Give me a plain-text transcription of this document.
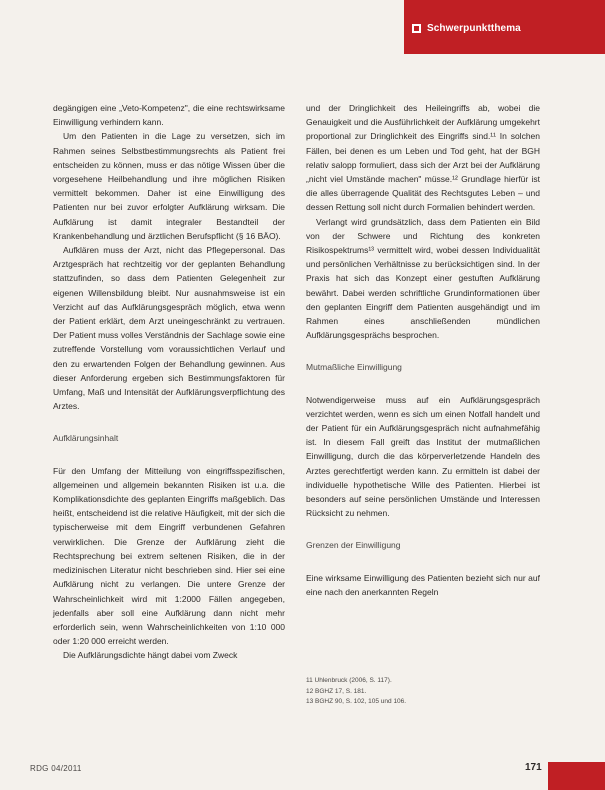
Schwerpunktthema

degängigen eine „Veto-Kompetenz", die eine rechtswirksame Einwilligung verhindern kann.

Um den Patienten in die Lage zu versetzen, sich im Rahmen seines Selbstbestimmungsrechts als Patient frei entscheiden zu können, muss er das nötige Wissen über die vorgesehene Heilbehandlung und ihre möglichen Risiken vermittelt bekommen. Daher ist eine Einwilligung des Patienten nur bei zuvor erfolgter Aufklärung wirksam. Die Aufklärung ist damit integraler Bestandteil der Krankenbehandlung und ärztlichen Berufspflicht (§ 16 BÄO).

Aufklären muss der Arzt, nicht das Pflegepersonal. Das Arztgespräch hat rechtzeitig vor der geplanten Behandlung stattzufinden, so dass dem Patienten Gelegenheit zur eigenen Willensbildung bleibt. Nur ausnahmsweise ist ein Verzicht auf das Aufklärungsgespräch möglich, etwa wenn der Patient erklärt, dem Arzt uneingeschränkt zu vertrauen. Der Patient muss volles Verständnis der Sachlage sowie eine zutreffende Vorstellung vom voraussichtlichen Verlauf und den zu erwartenden Folgen der Behandlung gewinnen. Aus dieser Anforderung ergeben sich Bestimmungsfaktoren für Umfang, Maß und Intensität der Aufklärungsverpflichtung des Arztes.

Aufklärungsinhalt

Für den Umfang der Mitteilung von eingriffsspezifischen, allgemeinen und allgemein bekannten Risiken ist u.a. die Komplikationsdichte des geplanten Eingriffs maßgeblich. Das heißt, entscheidend ist die relative Häufigkeit, mit der sich die typischerweise mit dem Eingriff verbundenen Gefahren verwirklichen. Die Grenze der Aufklärung zieht die Rechtsprechung bei extrem seltenen Risiken, die in der medizinischen Literatur nicht beschrieben sind. Hier sei eine Aufklärung nicht zu verlangen. Die untere Grenze der Wahrscheinlichkeit wird mit 1:2000 Fällen angegeben, jedenfalls aber soll eine Aufklärung dann nicht mehr erforderlich sein, wenn Wahrscheinlichkeiten von 1:10 000 oder 1:20 000 erreicht werden.

Die Aufklärungsdichte hängt dabei vom Zweck

und der Dringlichkeit des Heileingriffs ab, wobei die Genauigkeit und die Ausführlichkeit der Aufklärung umgekehrt proportional zur Dringlichkeit des Eingriffs sind.¹¹ In solchen Fällen, bei denen es um Leben und Tod geht, hat der BGH relativ salopp formuliert, dass sich der Arzt bei der Aufklärung „nicht viel Umstände machen" müsse.¹² Grundlage hierfür ist die alles überragende Qualität des Rechtsgutes Leben – und dessen Rettung soll nicht durch Formalien behindert werden.

Verlangt wird grundsätzlich, dass dem Patienten ein Bild von der Schwere und Richtung des konkreten Risikospektrums¹³ vermittelt wird, wobei dessen Individualität und persönlichen Verhältnisse zu berücksichtigen sind. In der Praxis hat sich das Konzept einer gestuften Aufklärung bewährt. Dabei werden schriftliche Grundinformationen über den geplanten Eingriff dem Patienten ausgehändigt und im Rahmen eines anschließenden mündlichen Aufklärungsgesprächs besprochen.

Mutmaßliche Einwilligung

Notwendigerweise muss auf ein Aufklärungsgespräch verzichtet werden, wenn es sich um einen Notfall handelt und der Patient für ein Aufklärungsgespräch nicht aufnahmefähig ist. In diesem Fall greift das Institut der mutmaßlichen Einwilligung, durch die das körperverletzende Handeln des Arztes gerechtfertigt werden kann. Zu ermitteln ist dabei der individuelle hypothetische Wille des Patienten. Hierbei ist besonders auf seine persönlichen Umstände und Interessen Rücksicht zu nehmen.

Grenzen der Einwilligung

Eine wirksame Einwilligung des Patienten bezieht sich nur auf eine nach den anerkannten Regeln

11 Uhlenbruck (2006, S. 117).

12 BGHZ 17, S. 181.

13 BGHZ 90, S. 102, 105 und 106.

RDG 04/2011	171
